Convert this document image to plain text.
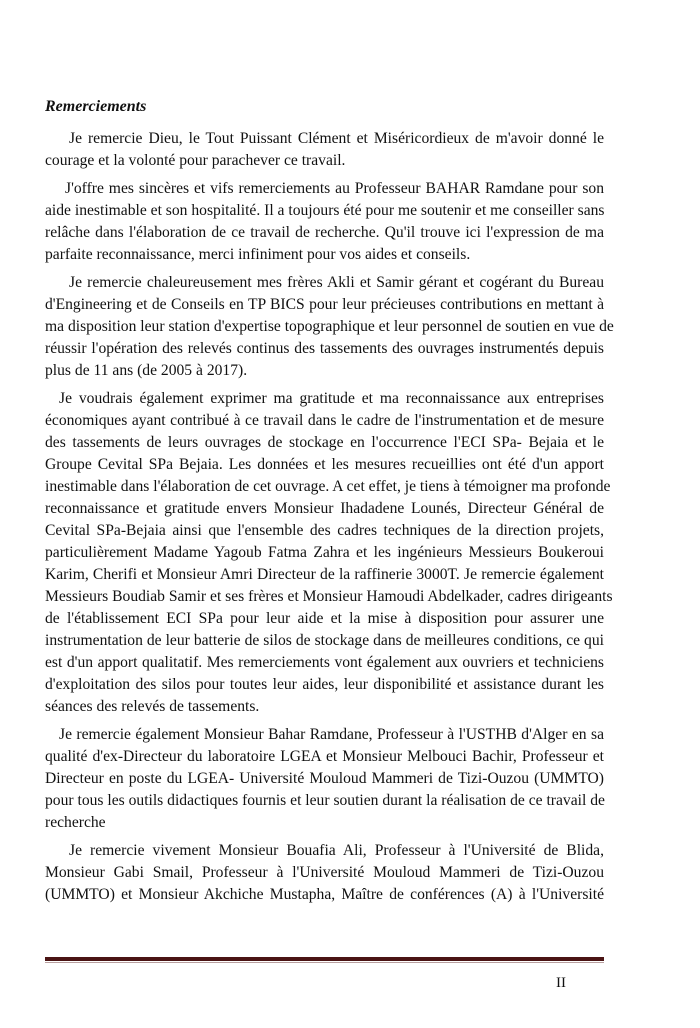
Remerciements
Je remercie Dieu, le Tout Puissant Clément et Miséricordieux de m'avoir donné le
courage et la volonté pour parachever ce travail.
J'offre mes sincères et vifs remerciements au Professeur BAHAR Ramdane pour son
aide inestimable et son hospitalité. Il a toujours été pour me soutenir et me conseiller sans
relâche dans l'élaboration de ce travail de recherche. Qu'il trouve ici l'expression de ma
parfaite reconnaissance, merci infiniment pour vos aides et conseils.
Je remercie chaleureusement mes frères Akli et Samir gérant et cogérant du Bureau
d'Engineering et de Conseils en TP BICS pour leur précieuses contributions en mettant à
ma disposition leur station d'expertise topographique et leur personnel de soutien en vue de
réussir l'opération des relevés continus des tassements des ouvrages instrumentés depuis
plus de 11 ans (de 2005 à 2017).
Je voudrais également exprimer ma gratitude et ma reconnaissance aux entreprises
économiques ayant contribué à ce travail dans le cadre de l'instrumentation et de mesure
des tassements de leurs ouvrages de stockage en l'occurrence l'ECI SPa- Bejaia et le
Groupe Cevital SPa Bejaia. Les données et les mesures recueillies ont été d'un apport
inestimable dans l'élaboration de cet ouvrage. A cet effet, je tiens à témoigner ma profonde
reconnaissance et gratitude envers Monsieur Ihadadene Lounés, Directeur Général de
Cevital SPa-Bejaia ainsi que l'ensemble des cadres techniques de la direction projets,
particulièrement Madame Yagoub Fatma Zahra et les ingénieurs Messieurs Boukeroui
Karim, Cherifi et Monsieur Amri Directeur de la raffinerie 3000T. Je remercie également
Messieurs Boudiab Samir et ses frères et Monsieur Hamoudi Abdelkader, cadres dirigeants
de l'établissement ECI SPa pour leur aide et la mise à disposition pour assurer une
instrumentation de leur batterie de silos de stockage dans de meilleures conditions, ce qui
est d'un apport qualitatif. Mes remerciements vont également aux ouvriers et techniciens
d'exploitation des silos pour toutes leur aides, leur disponibilité et assistance durant les
séances des relevés de tassements.
Je remercie également Monsieur Bahar Ramdane, Professeur à l'USTHB d'Alger en sa
qualité d'ex-Directeur du laboratoire LGEA et Monsieur Melbouci Bachir, Professeur et
Directeur en poste du LGEA- Université Mouloud Mammeri de Tizi-Ouzou (UMMTO)
pour tous les outils didactiques fournis et leur soutien durant la réalisation de ce travail de
recherche
Je remercie vivement Monsieur Bouafia Ali, Professeur à l'Université de Blida,
Monsieur Gabi Smail, Professeur à l'Université Mouloud Mammeri de Tizi-Ouzou
(UMMTO) et Monsieur Akchiche Mustapha, Maître de conférences (A) à l'Université
II
